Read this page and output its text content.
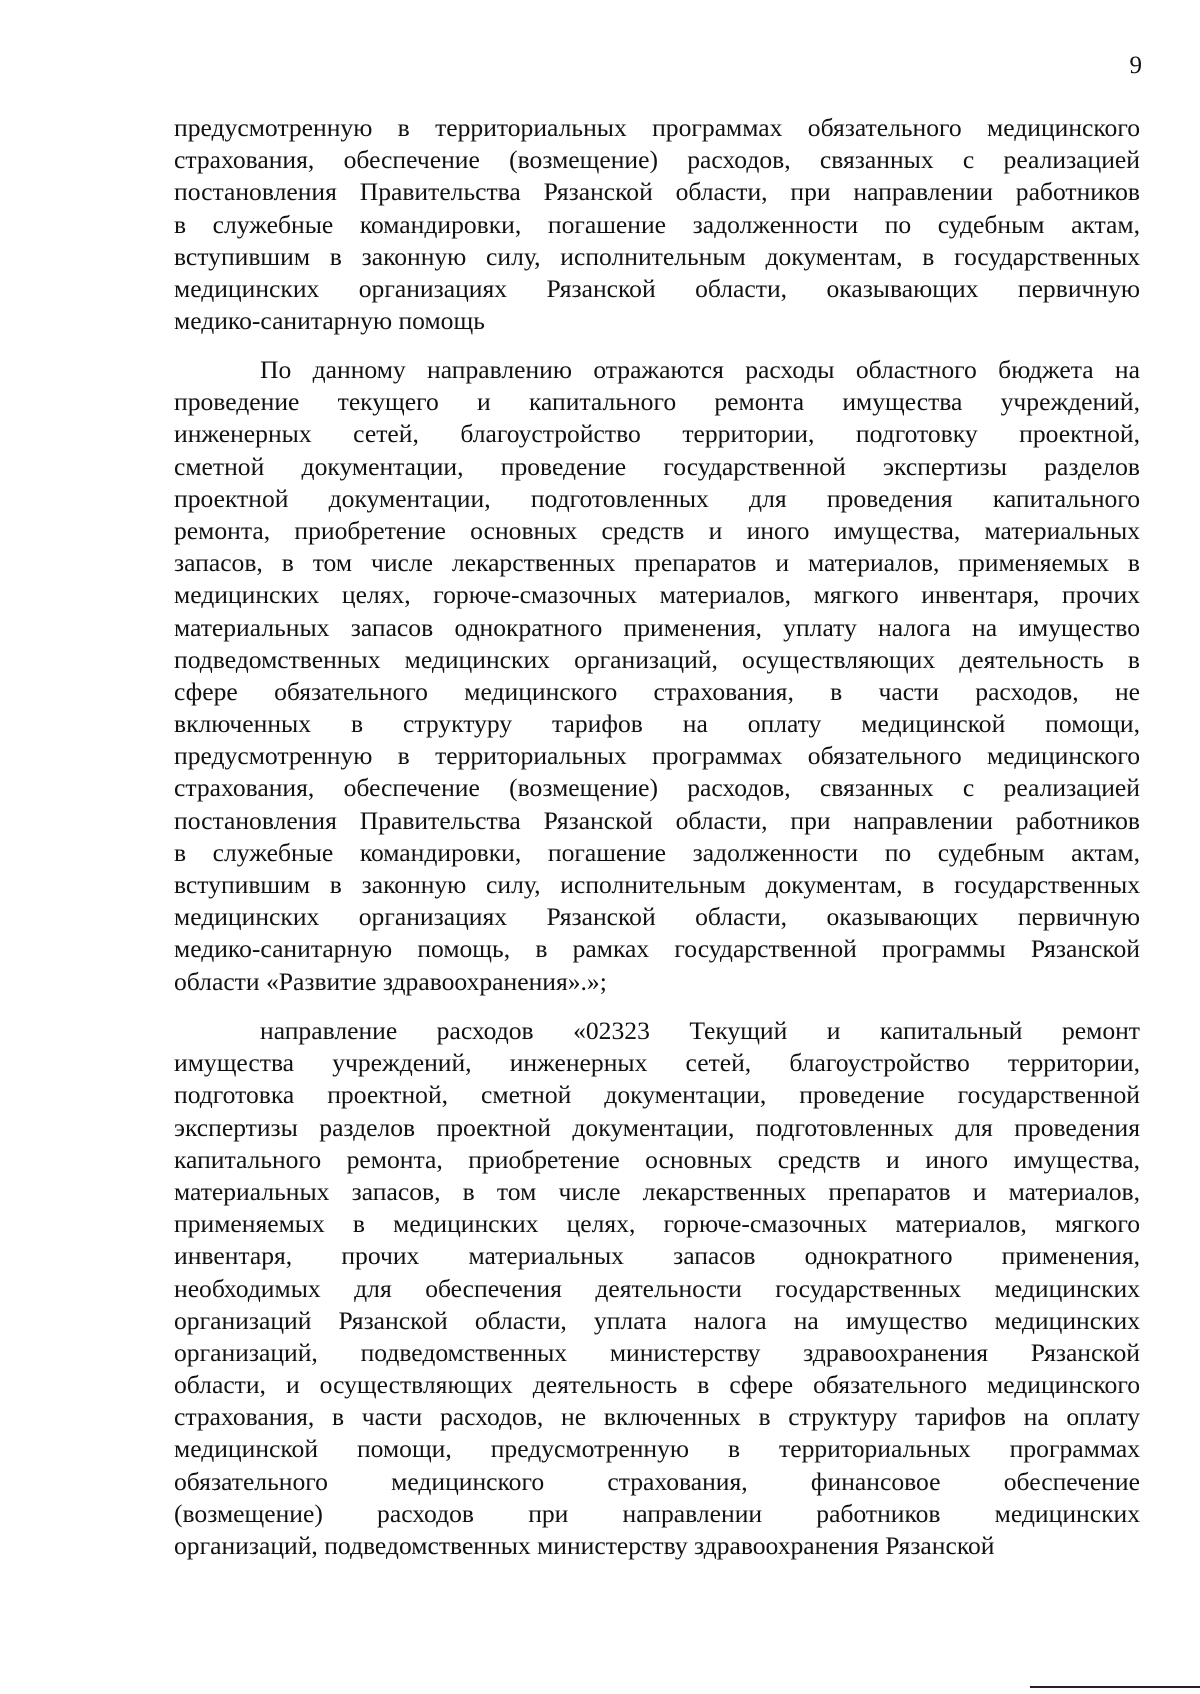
9
предусмотренную в территориальных программах обязательного медицинского
страхования, обеспечение (возмещение) расходов, связанных с реализацией
постановления Правительства Рязанской области, при направлении работников
в служебные командировки, погашение задолженности по судебным актам,
вступившим в законную силу, исполнительным документам, в государственных
медицинских организациях Рязанской области, оказывающих первичную
медико-санитарную помощь
По данному направлению отражаются расходы областного бюджета на
проведение текущего и капитального ремонта имущества учреждений,
инженерных сетей, благоустройство территории, подготовку проектной,
сметной документации, проведение государственной экспертизы разделов
проектной документации, подготовленных для проведения капитального
ремонта, приобретение основных средств и иного имущества, материальных
запасов, в том числе лекарственных препаратов и материалов, применяемых в
медицинских целях, горюче-смазочных материалов, мягкого инвентаря, прочих
материальных запасов однократного применения, уплату налога на имущество
подведомственных медицинских организаций, осуществляющих деятельность в
сфере обязательного медицинского страхования, в части расходов, не
включенных в структуру тарифов на оплату медицинской помощи,
предусмотренную в территориальных программах обязательного медицинского
страхования, обеспечение (возмещение) расходов, связанных с реализацией
постановления Правительства Рязанской области, при направлении работников
в служебные командировки, погашение задолженности по судебным актам,
вступившим в законную силу, исполнительным документам, в государственных
медицинских организациях Рязанской области, оказывающих первичную
медико-санитарную помощь, в рамках государственной программы Рязанской
области «Развитие здравоохранения».»;
направление расходов «02323 Текущий и капитальный ремонт
имущества учреждений, инженерных сетей, благоустройство территории,
подготовка проектной, сметной документации, проведение государственной
экспертизы разделов проектной документации, подготовленных для проведения
капитального ремонта, приобретение основных средств и иного имущества,
материальных запасов, в том числе лекарственных препаратов и материалов,
применяемых в медицинских целях, горюче-смазочных материалов, мягкого
инвентаря, прочих материальных запасов однократного применения,
необходимых для обеспечения деятельности государственных медицинских
организаций Рязанской области, уплата налога на имущество медицинских
организаций, подведомственных министерству здравоохранения Рязанской
области, и осуществляющих деятельность в сфере обязательного медицинского
страхования, в части расходов, не включенных в структуру тарифов на оплату
медицинской помощи, предусмотренную в территориальных программах
обязательного медицинского страхования, финансовое обеспечение
(возмещение) расходов при направлении работников медицинских
организаций, подведомственных министерству здравоохранения Рязанской
